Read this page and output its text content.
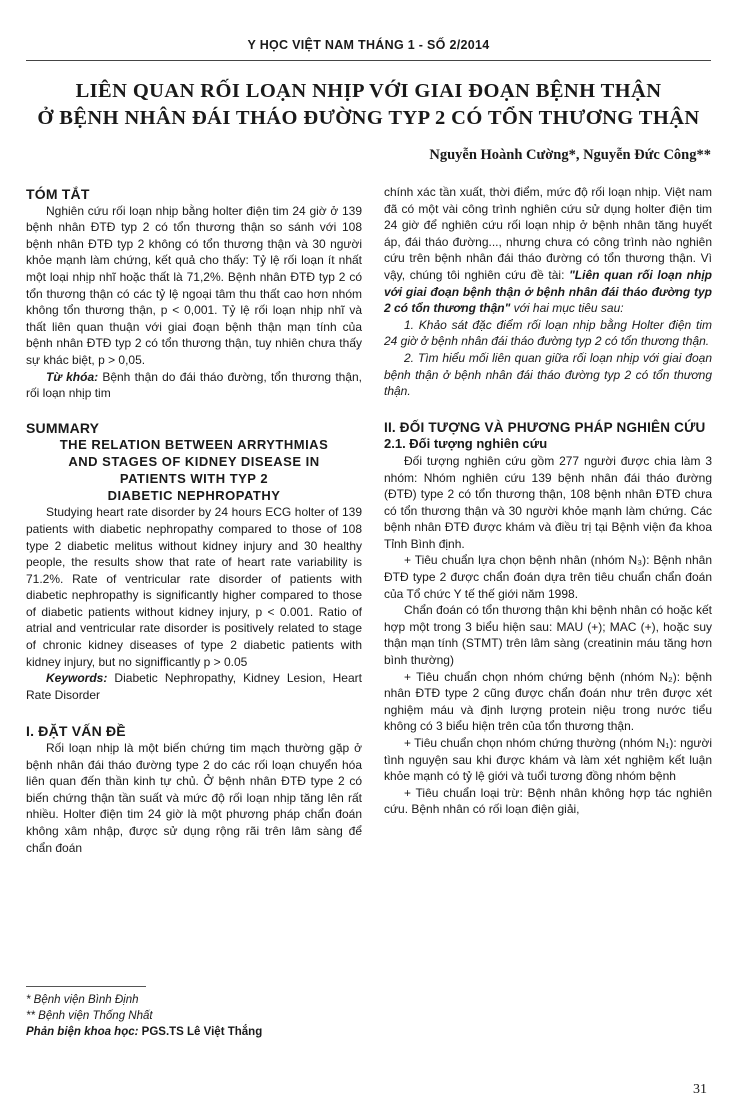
Y HỌC VIỆT NAM THÁNG 1 - SỐ 2/2014
LIÊN QUAN RỐI LOẠN NHỊP VỚI GIAI ĐOẠN BỆNH THẬN
Ở BỆNH NHÂN ĐÁI THÁO ĐƯỜNG TYP 2 CÓ TỔN THƯƠNG THẬN
Nguyễn Hoành Cường*, Nguyễn Đức Công**

TÓM TẮT

Nghiên cứu rối loạn nhịp bằng holter điện tim 24 giờ ở 139 bệnh nhân ĐTĐ typ 2 có tổn thương thận so sánh với 108 bệnh nhân ĐTĐ typ 2 không có tổn thương thận và 30 người khỏe mạnh làm chứng, kết quả cho thấy: Tỷ lệ rối loạn ít nhất một loại nhịp nhĩ hoặc thất là 71,2%. Bệnh nhân ĐTĐ typ 2 có tổn thương thận có các tỷ lệ ngoại tâm thu thất cao hơn nhóm không tổn thương thận, p < 0,001. Tỷ lệ rối loạn nhịp nhĩ và thất liên quan thuận với giai đoạn bệnh thận mạn tính của bệnh nhân ĐTĐ typ 2 có tổn thương thận, tuy nhiên chưa thấy sự khác biệt, p > 0,05.

Từ khóa: Bệnh thận do đái tháo đường, tổn thương thận, rối loạn nhịp tim

SUMMARY

THE RELATION BETWEEN ARRYTHMIAS

AND STAGES OF KIDNEY DISEASE IN

PATIENTS WITH TYP 2

DIABETIC NEPHROPATHY

Studying heart rate disorder by 24 hours ECG holter of 139 patients with diabetic nephropathy compared to those of 108 type 2 diabetic melitus without kidney injury and 30 healthy people, the results show that rate of heart rate variability is 71.2%. Rate of ventricular rate disorder of patients with diabetic nephropathy is significantly higher compared to those of diabetic patients without kidney injury, p < 0.001. Ratio of atrial and ventricular rate disorder is positively related to stage of chronic kidney diseases of type 2 diabetic patients with kidney injury, but no signifficantly p > 0.05

Keywords: Diabetic Nephropathy, Kidney Lesion, Heart Rate Disorder

I. ĐẶT VẤN ĐỀ

Rối loạn nhịp là một biến chứng tim mạch thường gặp ở bệnh nhân đái tháo đường type 2 do các rối loạn chuyển hóa liên quan đến thần kinh tự chủ. Ở bệnh nhân ĐTĐ type 2 có biến chứng thận tần suất và mức độ rối loạn nhịp tăng lên rất nhiều. Holter điện tim 24 giờ là một phương pháp chẩn đoán không xâm nhập, được sử dụng rộng rãi trên lâm sàng để chẩn đoán

chính xác tần xuất, thời điểm, mức độ rối loạn nhịp. Việt nam đã có một vài công trình nghiên cứu sử dụng holter điện tim 24 giờ để nghiên cứu rối loạn nhịp ở bệnh nhân tăng huyết áp, đái tháo đường..., nhưng chưa có công trình nào nghiên cứu trên bệnh nhân đái tháo đường có tổn thương thận. Vì vậy, chúng tôi nghiên cứu đề tài: "Liên quan rối loạn nhịp với giai đoạn bệnh thận ở bệnh nhân đái tháo đường typ 2 có tổn thương thận" với hai mục tiêu sau:

1. Khảo sát đặc điểm rối loạn nhịp bằng Holter điện tim 24 giờ ở bệnh nhân đái tháo đường typ 2 có tổn thương thận.

2. Tìm hiểu mối liên quan giữa rối loạn nhịp với giai đoạn bệnh thận ở bệnh nhân đái tháo đường typ 2 có tổn thương thận.

II. ĐỐI TƯỢNG VÀ PHƯƠNG PHÁP NGHIÊN CỨU

2.1. Đối tượng nghiên cứu

Đối tượng nghiên cứu gồm 277 người được chia làm 3 nhóm: Nhóm nghiên cứu 139 bệnh nhân đái tháo đường (ĐTĐ) type 2 có tổn thương thận, 108 bệnh nhân ĐTĐ chưa có tổn thương thận và 30 người khỏe mạnh làm chứng. Các bệnh nhân ĐTĐ được khám và điều trị tại Bệnh viện đa khoa Tỉnh Bình định.

+ Tiêu chuẩn lựa chọn bệnh nhân (nhóm N₃): Bệnh nhân ĐTĐ type 2 được chẩn đoán dựa trên tiêu chuẩn chẩn đoán của Tổ chức Y tế thế giới năm 1998.

Chẩn đoán có tổn thương thận khi bệnh nhân có hoặc kết hợp một trong 3 biểu hiện sau: MAU (+); MAC (+), hoặc suy thận mạn tính (STMT) trên lâm sàng (creatinin máu tăng hơn bình thường)

+ Tiêu chuẩn chọn nhóm chứng bệnh (nhóm N₂): bệnh nhân ĐTĐ type 2 cũng được chẩn đoán như trên được xét nghiệm máu và định lượng protein niệu trong nước tiểu không có 3 biểu hiện trên của tổn thương thận.

+ Tiêu chuẩn chọn nhóm chứng thường (nhóm N₁): người tình nguyện sau khi được khám và làm xét nghiệm kết luận khỏe mạnh có tỷ lệ giới và tuổi tương đồng nhóm bệnh

+ Tiêu chuẩn loại trừ: Bệnh nhân không hợp tác nghiên cứu. Bệnh nhân có rối loạn điện giải,

* Bệnh viện Bình Định
** Bệnh viện Thống Nhất
Phản biện khoa học: PGS.TS Lê Việt Thắng
31
